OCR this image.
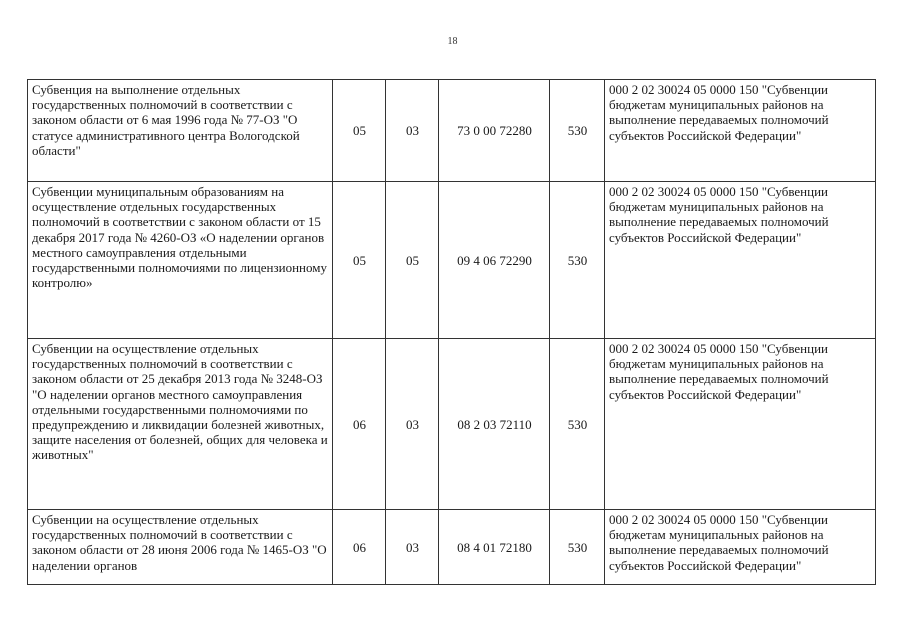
18
Субвенция на выполнение отдельных государственных полномочий в соответствии с законом области от 6 мая 1996 года № 77-ОЗ "О статусе административного центра Вологодской области"	05	03	73 0 00 72280	530	000 2 02 30024 05 0000 150 "Субвенции бюджетам муниципальных районов на выполнение передаваемых полномочий субъектов Российской Федерации"
Субвенции муниципальным образованиям на осуществление отдельных государственных полномочий в соответствии с законом области от 15 декабря 2017 года № 4260-ОЗ «О наделении органов местного самоуправления отдельными государственными полномочиями по лицензионному контролю»	05	05	09 4 06 72290	530	000 2 02 30024 05 0000 150 "Субвенции бюджетам муниципальных районов на выполнение передаваемых полномочий субъектов Российской Федерации"
Субвенции на осуществление отдельных государственных полномочий в соответствии с законом области от 25 декабря 2013 года № 3248-ОЗ "О наделении органов местного самоуправления отдельными государственными полномочиями по предупреждению и ликвидации болезней животных, защите населения от болезней, общих для человека и животных"	06	03	08 2 03 72110	530	000 2 02 30024 05 0000 150 "Субвенции бюджетам муниципальных районов на выполнение передаваемых полномочий субъектов Российской Федерации"
Субвенции на осуществление отдельных государственных полномочий в соответствии с законом области от 28 июня 2006 года № 1465-ОЗ "О наделении органов	06	03	08 4 01 72180	530	000 2 02 30024 05 0000 150 "Субвенции бюджетам муниципальных районов на выполнение передаваемых полномочий субъектов Российской Федерации"
